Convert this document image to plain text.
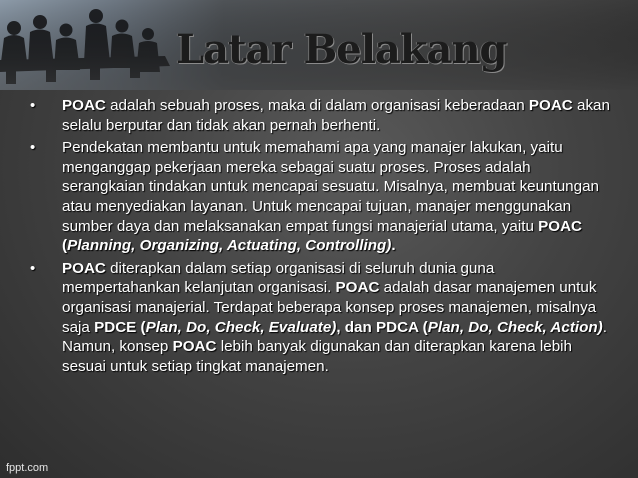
Latar Belakang
• POAC adalah sebuah proses, maka di dalam organisasi keberadaan POAC akan selalu berputar dan tidak akan pernah berhenti.
• Pendekatan membantu untuk memahami apa yang manajer lakukan, yaitu menganggap pekerjaan mereka sebagai suatu proses. Proses adalah serangkaian tindakan untuk mencapai sesuatu. Misalnya, membuat keuntungan atau menyediakan layanan. Untuk mencapai tujuan, manajer menggunakan sumber daya dan melaksanakan empat fungsi manajerial utama, yaitu POAC (Planning, Organizing, Actuating, Controlling).
• POAC diterapkan dalam setiap organisasi di seluruh dunia guna mempertahankan kelanjutan organisasi. POAC adalah dasar manajemen untuk organisasi manajerial. Terdapat beberapa konsep proses manajemen, misalnya saja PDCE (Plan, Do, Check, Evaluate), dan PDCA (Plan, Do, Check, Action). Namun, konsep POAC lebih banyak digunakan dan diterapkan karena lebih sesuai untuk setiap tingkat manajemen.
fppt.com
